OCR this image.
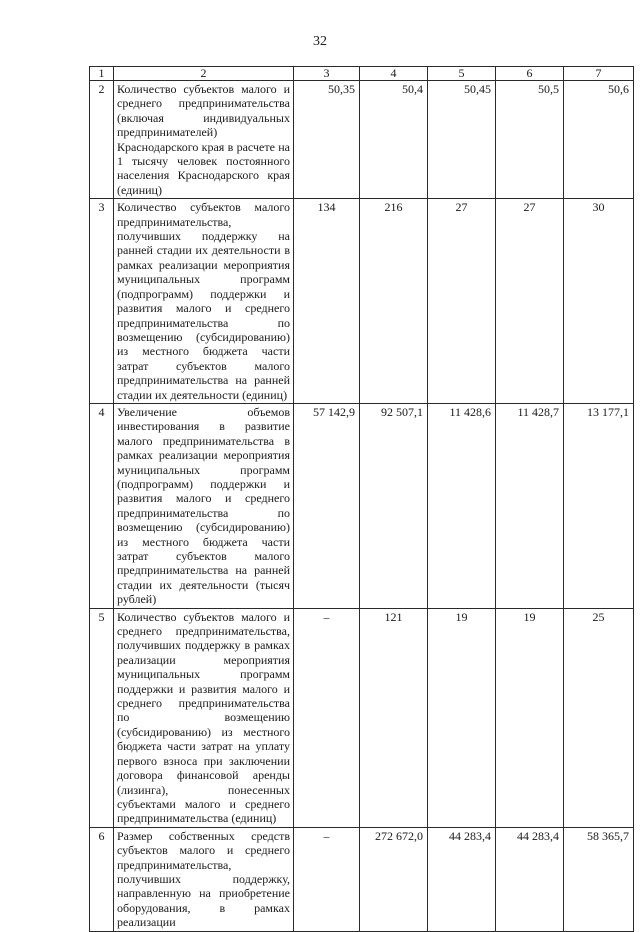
32
1	2	3	4	5	6	7
2	Количество субъектов малого и среднего предпринимательства (включая индивидуальных предпринимателей) Краснодарского края в расчете на 1 тысячу человек постоянного населения Краснодарского края (единиц)	50,35	50,4	50,45	50,5	50,6
3	Количество субъектов малого предпринимательства, получивших поддержку на ранней стадии их деятельности в рамках реализации мероприятия муниципальных программ (подпрограмм) поддержки и развития малого и среднего предпринимательства по возмещению (субсидированию) из местного бюджета части затрат субъектов малого предпринимательства на ранней стадии их деятельности (единиц)	134	216	27	27	30
4	Увеличение объемов инвестирования в развитие малого предпринимательства в рамках реализации мероприятия муниципальных программ (подпрограмм) поддержки и развития малого и среднего предпринимательства по возмещению (субсидированию) из местного бюджета части затрат субъектов малого предпринимательства на ранней стадии их деятельности (тысяч рублей)	57 142,9	92 507,1	11 428,6	11 428,7	13 177,1
5	Количество субъектов малого и среднего предпринимательства, получивших поддержку в рамках реализации мероприятия муниципальных программ поддержки и развития малого и среднего предпринимательства по возмещению (субсидированию) из местного бюджета части затрат на уплату первого взноса при заключении договора финансовой аренды (лизинга), понесенных субъектами малого и среднего предпринимательства (единиц)	–	121	19	19	25
6	Размер собственных средств субъектов малого и среднего предпринимательства, получивших поддержку, направленную на приобретение оборудования, в рамках реализации	–	272 672,0	44 283,4	44 283,4	58 365,7
